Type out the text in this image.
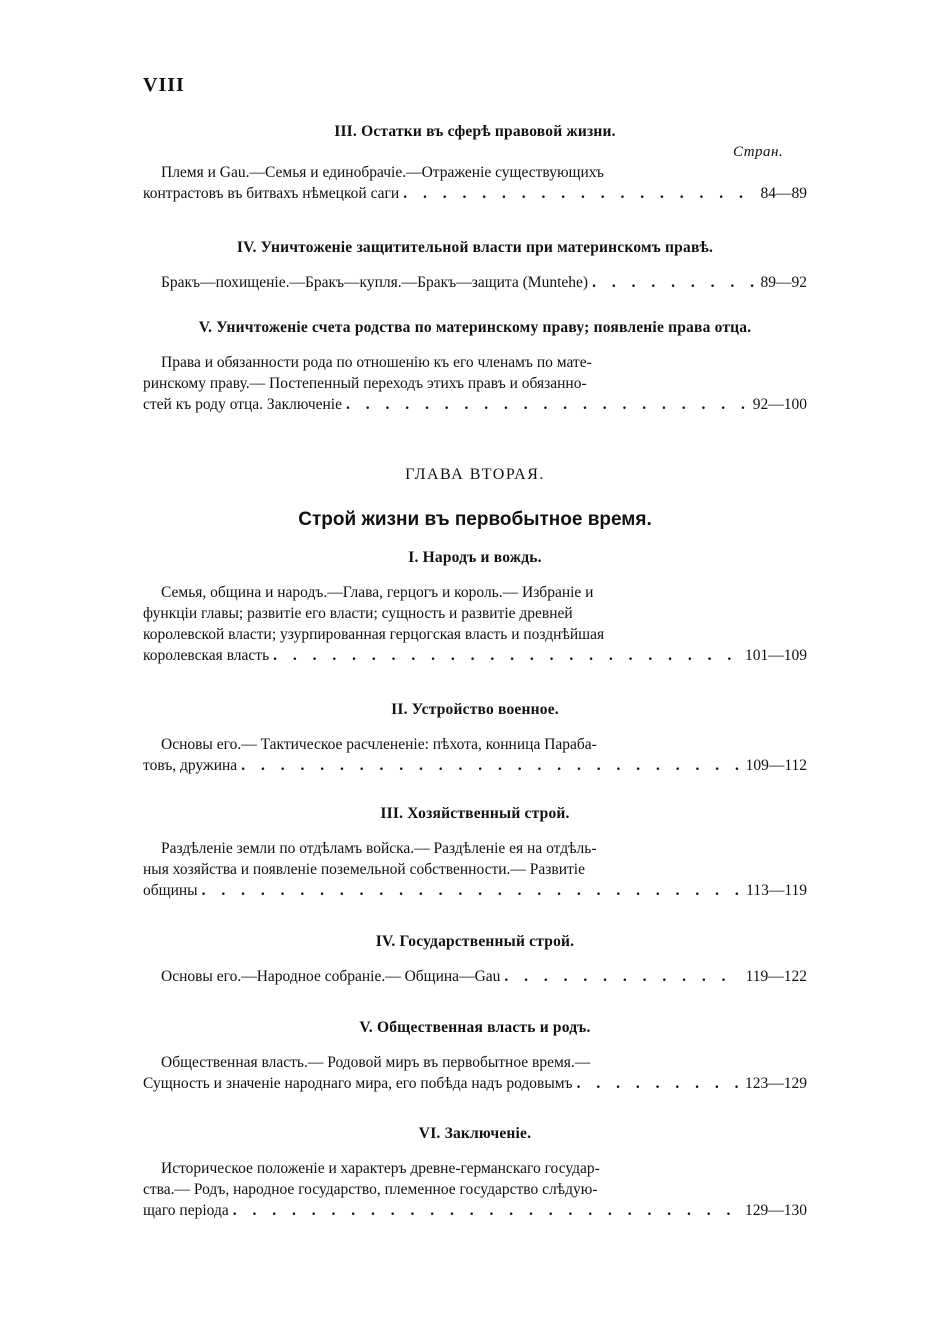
VIII
Стран.
III. Остатки въ сферѣ правовой жизни.
Племя и Gau.—Семья и единобрачіе.—Отраженіе существующихъ
контрастовъ въ битвахъ нѣмецкой саги . . .	84—89
IV. Уничтоженіе защитительной власти при материнскомъ правѣ.
Бракъ—похищеніе.—Бракъ—купля.—Бракъ—защита (Muntehe) . . .	89—92
V. Уничтоженіе счета родства по материнскому праву; появленіе права отца.
Права и обязанности рода по отношенію къ его членамъ по мате-
ринскому праву.— Постепенный переходъ этихъ правъ и обязанно-
стей къ роду отца. Заключеніе . . .	92—100
ГЛАВА ВТОРАЯ.
Строй жизни въ первобытное время.
I. Народъ и вождь.
Семья, община и народъ.—Глава, герцогъ и король.— Избраніе и
функціи главы; развитіе его власти; сущность и развитіе древней
королевской власти; узурпированная герцогская власть и позднѣйшая
королевская власть . . .	101—109
II. Устройство военное.
Основы его.— Тактическое расчлененіе: пѣхота, конница Параба-
товъ, дружина . . .	109—112
III. Хозяйственный строй.
Раздѣленіе земли по отдѣламъ войска.— Раздѣленіе ея на отдѣль-
ныя хозяйства и появленіе поземельной собственности.— Развитіе
общины . . .	113—119
IV. Государственный строй.
Основы его.—Народное собраніе.— Община—Gau . . .	119—122
V. Общественная власть и родъ.
Общественная власть.— Родовой миръ въ первобытное время.—
Сущность и значеніе народнаго мира, его побѣда надъ родовымъ . . .	123—129
VI. Заключеніе.
Историческое положеніе и характеръ древне-германскаго государ-
ства.— Родъ, народное государство, племенное государство слѣдую-
щаго періода . . .	129—130
